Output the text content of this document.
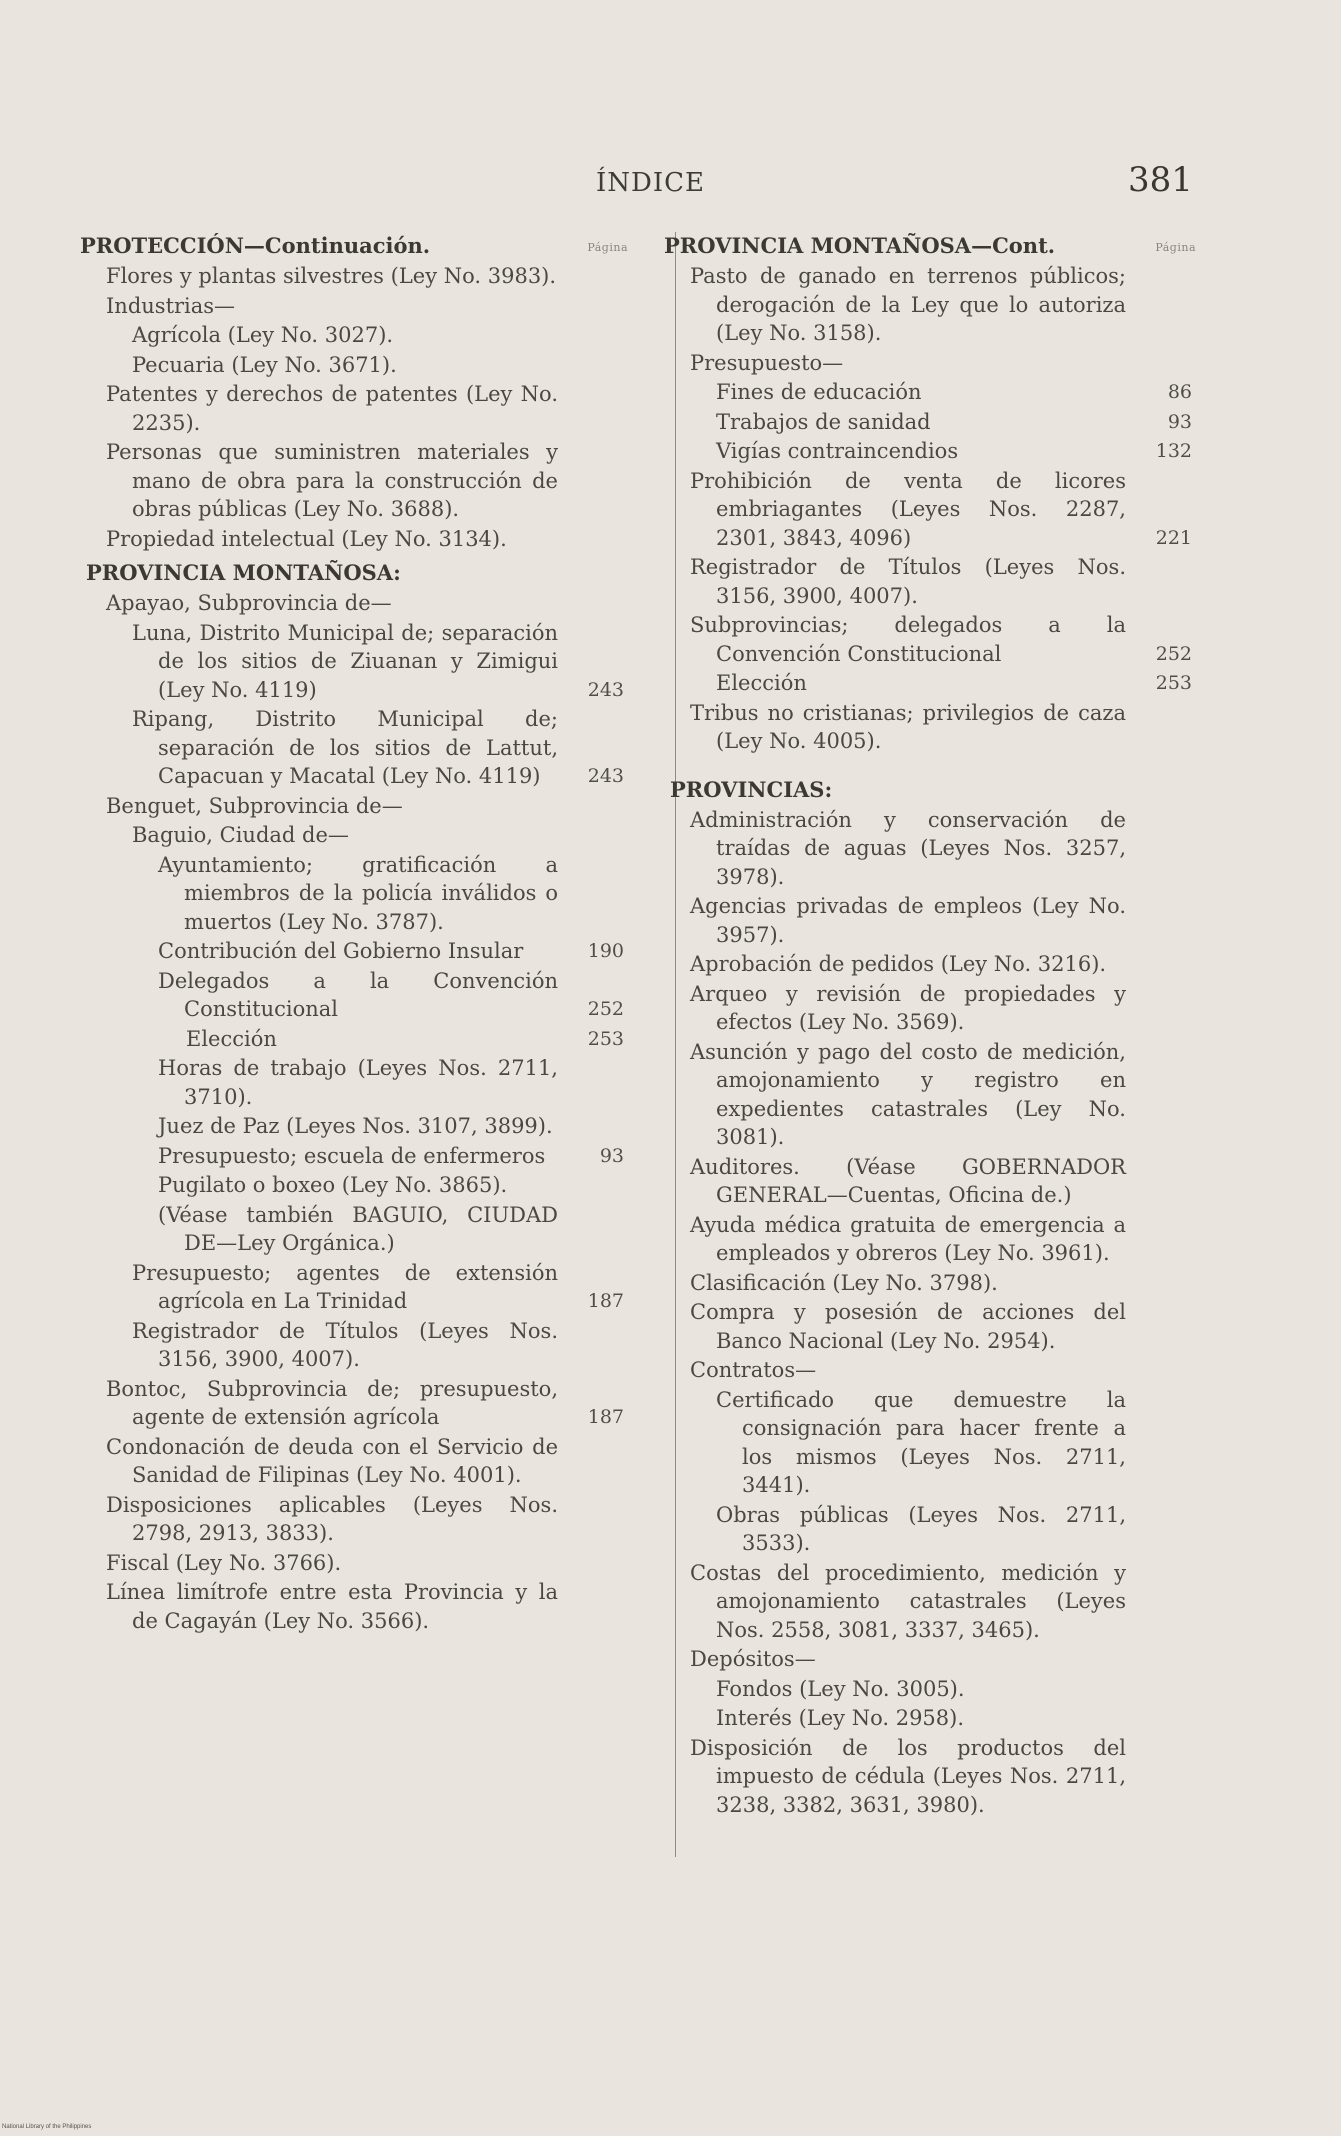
ÍNDICE	381
PROTECCIÓN—Continuación.	Página
Flores y plantas silvestres (Ley No. 3983).
Industrias—
Agrícola (Ley No. 3027).
Pecuaria (Ley No. 3671).
Patentes y derechos de patentes (Ley No. 2235).
Personas que suministren materiales y mano de obra para la construcción de obras públicas (Ley No. 3688).
Propiedad intelectual (Ley No. 3134).
PROVINCIA MONTAÑOSA:
Apayao, Subprovincia de—
Luna, Distrito Municipal de; separación de los sitios de Ziuanan y Zimigui (Ley No. 4119)	243
Ripang, Distrito Municipal de; separación de los sitios de Lattut, Capacuan y Macatal (Ley No. 4119) 243
Benguet, Subprovincia de—
Baguio, Ciudad de—
Ayuntamiento; gratificación a miembros de la policía inválidos o muertos (Ley No. 3787).
Contribución del Gobierno Insular	190
Delegados a la Convención Constitucional	252
Elección	253
Horas de trabajo (Leyes Nos. 2711, 3710).
Juez de Paz (Leyes Nos. 3107, 3899).
Presupuesto; escuela de enfermeros	93
Pugilato o boxeo (Ley No. 3865).
(Véase también BAGUIO, CIUDAD DE—Ley Orgánica.)
Presupuesto; agentes de extensión agrícola en La Trinidad	187
Registrador de Títulos (Leyes Nos. 3156, 3900, 4007).
Bontoc, Subprovincia de; presupuesto, agente de extensión agrícola	187
Condonación de deuda con el Servicio de Sanidad de Filipinas (Ley No. 4001).
Disposiciones aplicables (Leyes Nos. 2798, 2913, 3833).
Fiscal (Ley No. 3766).
Línea limítrofe entre esta Provincia y la de Cagayán (Ley No. 3566).
PROVINCIA MONTAÑOSA—Cont.	Página
Pasto de ganado en terrenos públicos; derogación de la Ley que lo autoriza (Ley No. 3158).
Presupuesto—
Fines de educación	86
Trabajos de sanidad	93
Vigías contraincendios	132
Prohibición de venta de licores embriagantes (Leyes Nos. 2287, 2301, 3843, 4096)	221
Registrador de Títulos (Leyes Nos. 3156, 3900, 4007).
Subprovincias; delegados a la Convención Constitucional	252
Elección	253
Tribus no cristianas; privilegios de caza (Ley No. 4005).
PROVINCIAS:
Administración y conservación de traídas de aguas (Leyes Nos. 3257, 3978).
Agencias privadas de empleos (Ley No. 3957).
Aprobación de pedidos (Ley No. 3216).
Arqueo y revisión de propiedades y efectos (Ley No. 3569).
Asunción y pago del costo de medición, amojonamiento y registro en expedientes catastrales (Ley No. 3081).
Auditores. (Véase GOBERNADOR GENERAL—Cuentas, Oficina de.)
Ayuda médica gratuita de emergencia a empleados y obreros (Ley No. 3961).
Clasificación (Ley No. 3798).
Compra y posesión de acciones del Banco Nacional (Ley No. 2954).
Contratos—
Certificado que demuestre la consignación para hacer frente a los mismos (Leyes Nos. 2711, 3441).
Obras públicas (Leyes Nos. 2711, 3533).
Costas del procedimiento, medición y amojonamiento catastrales (Leyes Nos. 2558, 3081, 3337, 3465).
Depósitos—
Fondos (Ley No. 3005).
Interés (Ley No. 2958).
Disposición de los productos del impuesto de cédula (Leyes Nos. 2711, 3238, 3382, 3631, 3980).
National Library of the Philippines
